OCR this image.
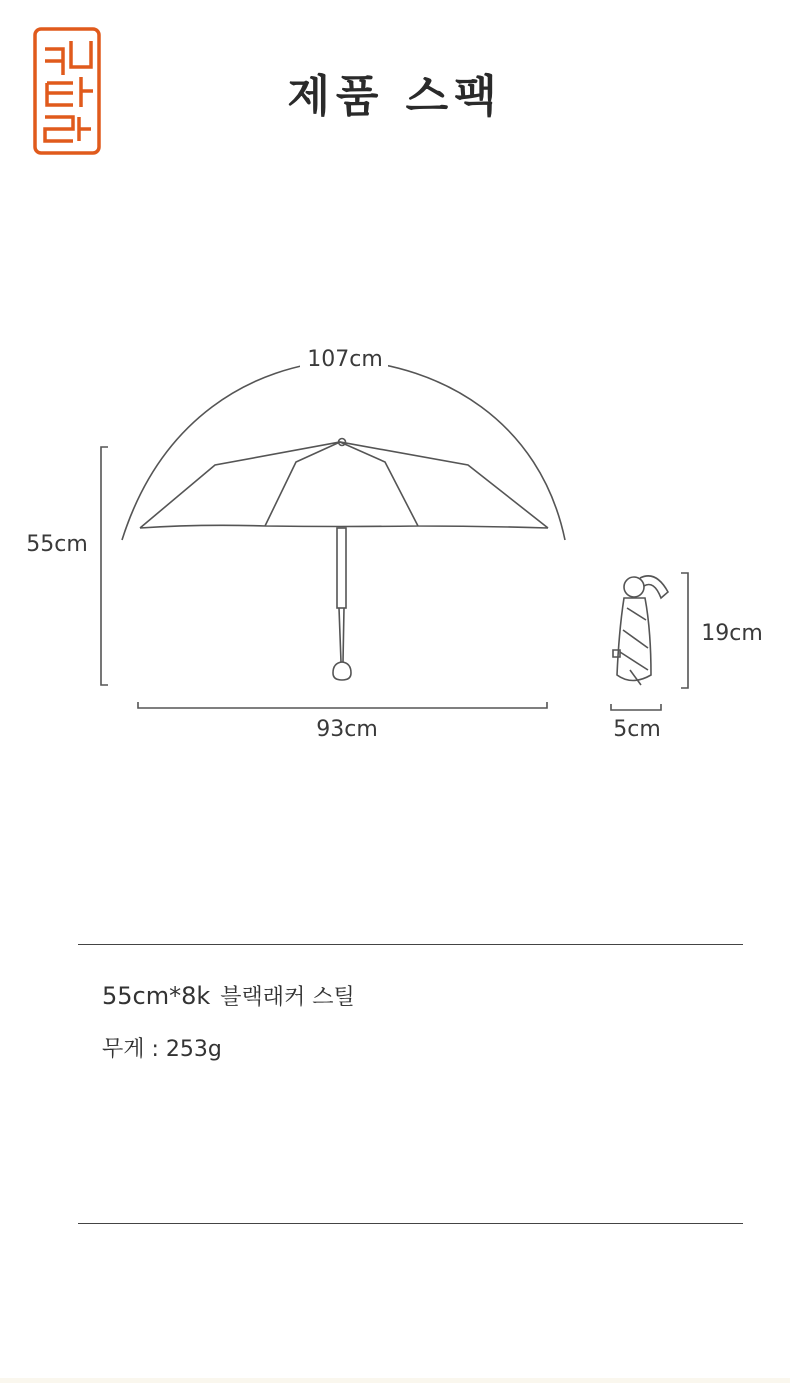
제품 스팩
107cm
55cm
93cm
19cm
5cm
55cm*8k 블랙래커 스틸
무게 : 253g
